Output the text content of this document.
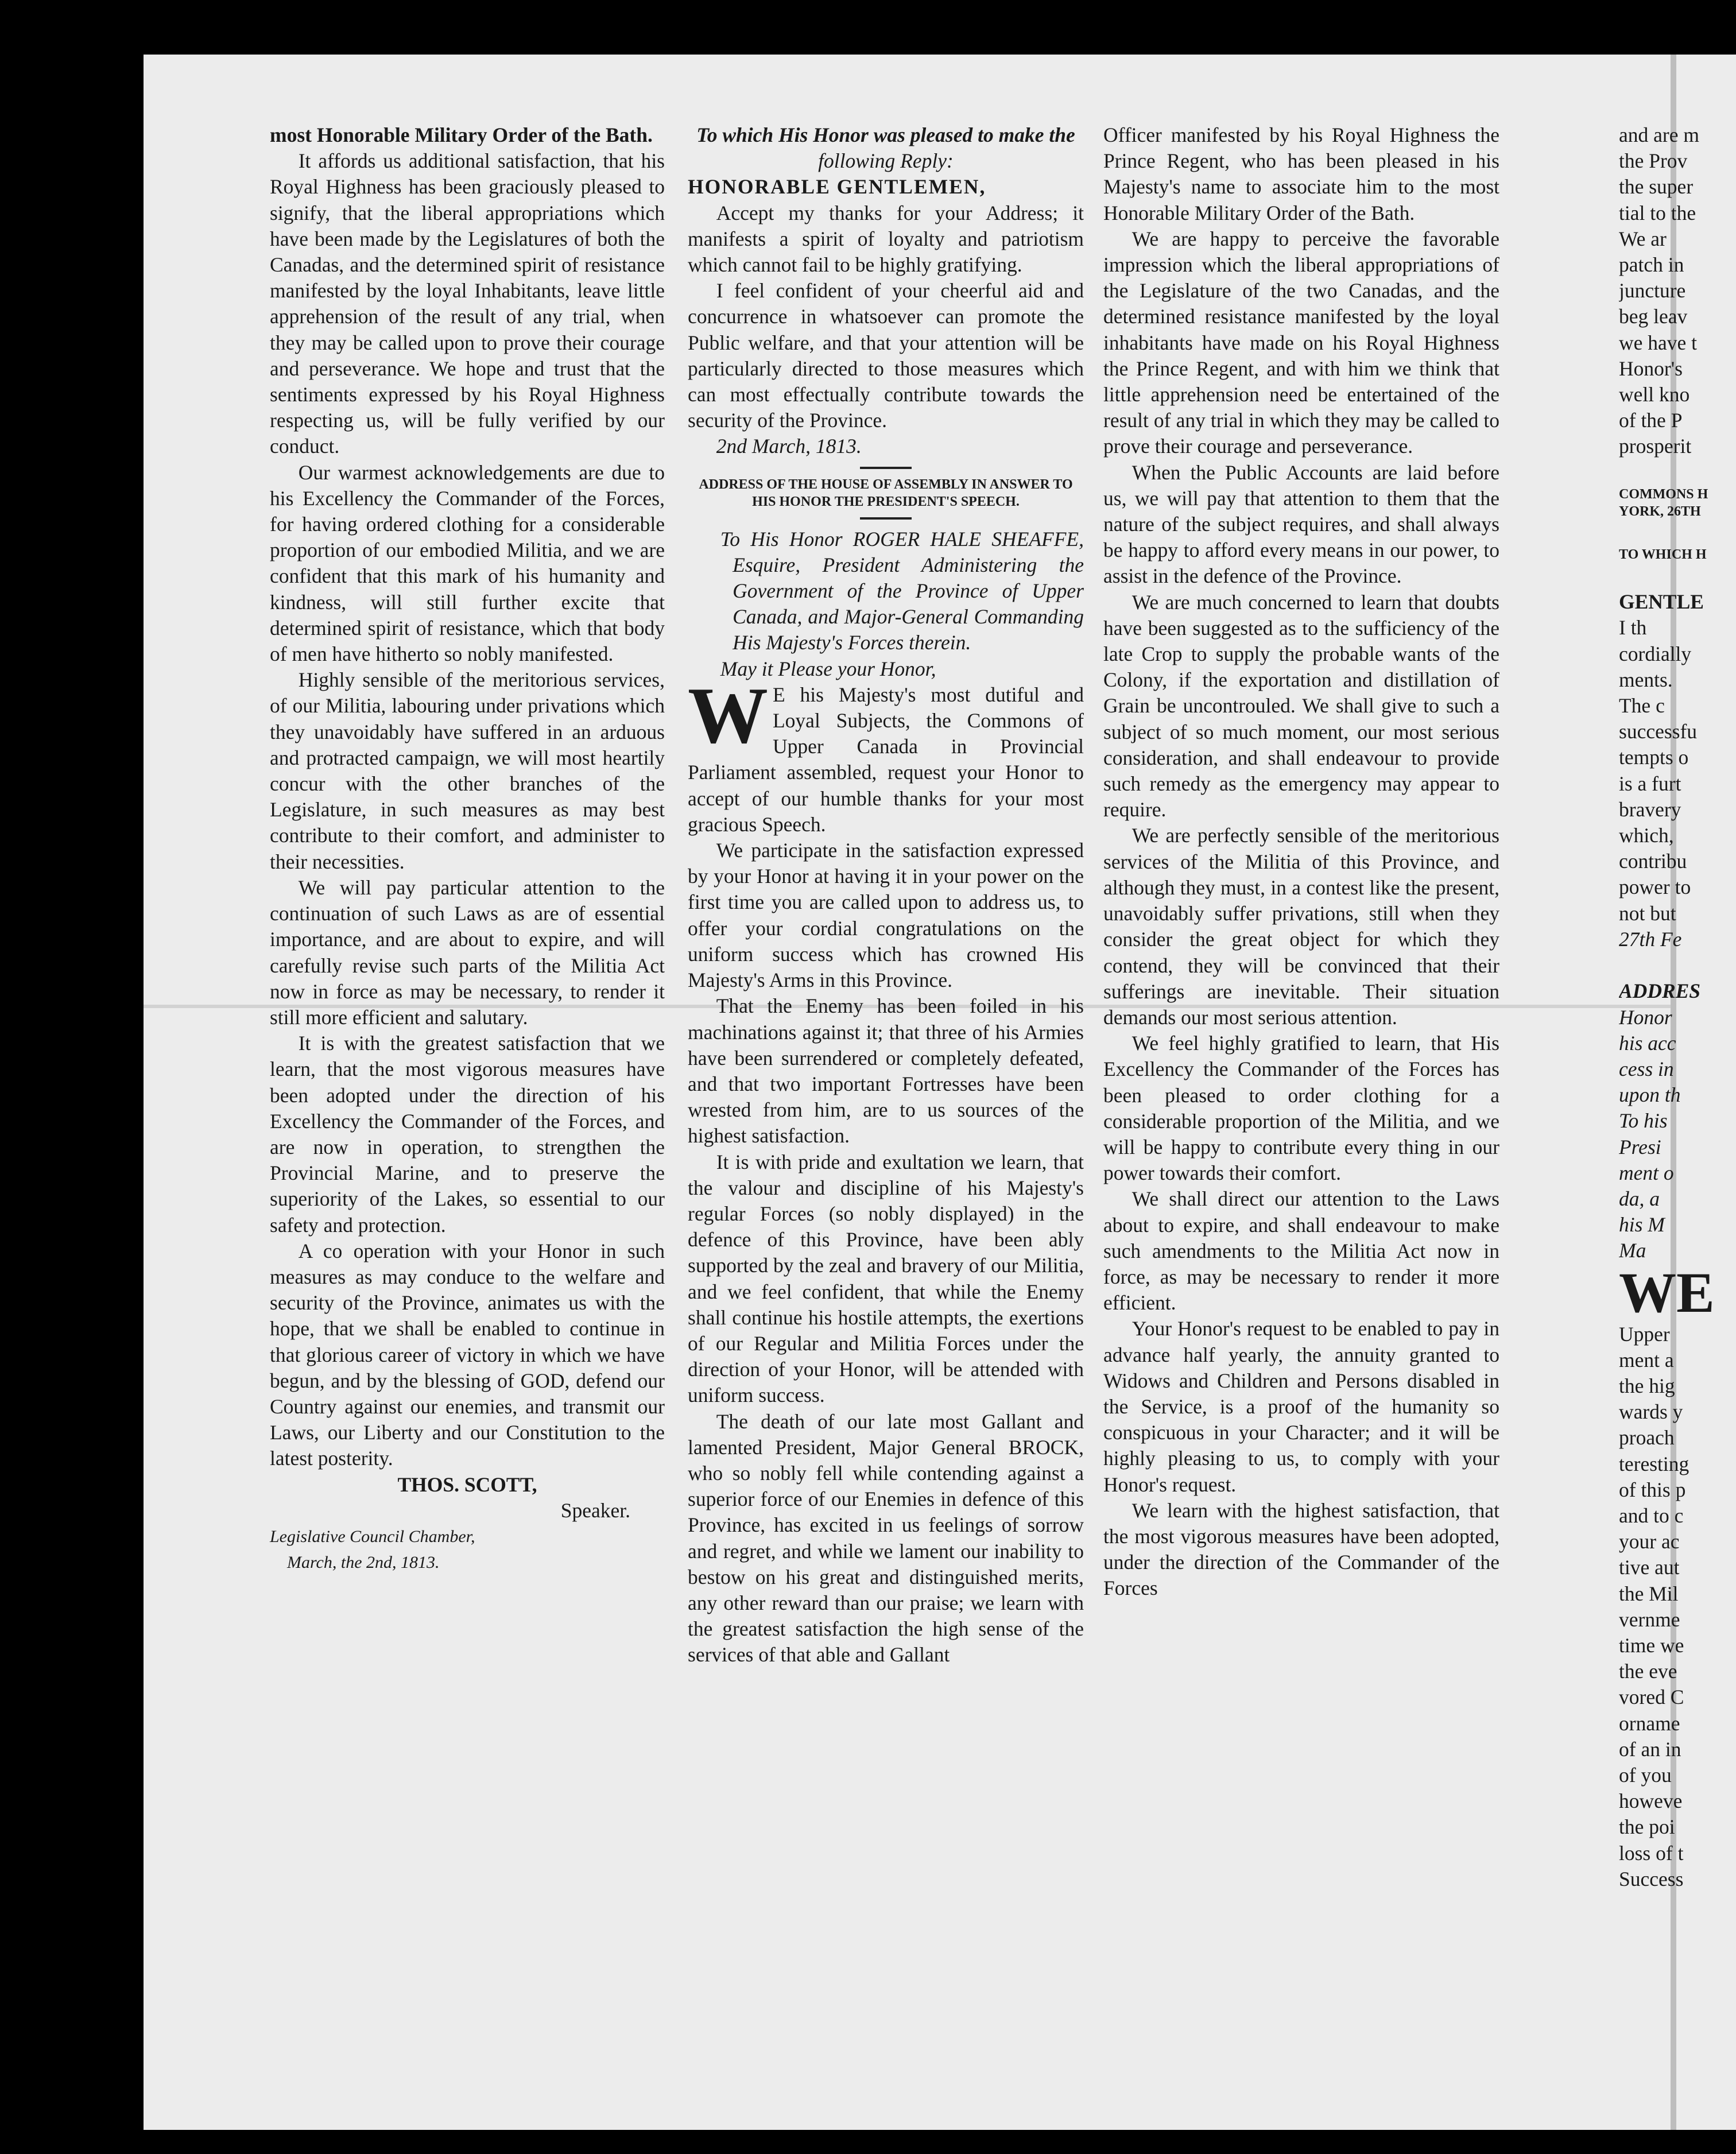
most Honorable Military Order of the Bath.

It affords us additional satisfaction, that his Royal Highness has been graciously pleased to signify, that the liberal appropriations which have been made by the Legislatures of both the Canadas, and the determined spirit of resistance manifested by the loyal Inhabitants, leave little apprehension of the result of any trial, when they may be called upon to prove their courage and perseverance. We hope and trust that the sentiments expressed by his Royal Highness respecting us, will be fully verified by our conduct.

Our warmest acknowledgements are due to his Excellency the Commander of the Forces, for having ordered clothing for a considerable proportion of our embodied Militia, and we are confident that this mark of his humanity and kindness, will still further excite that determined spirit of resistance, which that body of men have hitherto so nobly manifested.

Highly sensible of the meritorious services, of our Militia, labouring under privations which they unavoidably have suffered in an arduous and protracted campaign, we will most heartily concur with the other branches of the Legislature, in such measures as may best contribute to their comfort, and administer to their necessities.

We will pay particular attention to the continuation of such Laws as are of essential importance, and are about to expire, and will carefully revise such parts of the Militia Act now in force as may be necessary, to render it still more efficient and salutary.

It is with the greatest satisfaction that we learn, that the most vigorous measures have been adopted under the direction of his Excellency the Commander of the Forces, and are now in operation, to strengthen the Provincial Marine, and to preserve the superiority of the Lakes, so essential to our safety and protection.

A co operation with your Honor in such measures as may conduce to the welfare and security of the Province, animates us with the hope, that we shall be enabled to continue in that glorious career of victory in which we have begun, and by the blessing of GOD, defend our Country against our enemies, and transmit our Laws, our Liberty and our Constitution to the latest posterity.

THOS. SCOTT,

Speaker.

Legislative Council Chamber,

March, the 2nd, 1813.

To which His Honor was pleased to make the

following Reply:

HONORABLE GENTLEMEN,

Accept my thanks for your Address; it manifests a spirit of loyalty and patriotism which cannot fail to be highly gratifying.

I feel confident of your cheerful aid and concurrence in whatsoever can promote the Public welfare, and that your attention will be particularly directed to those measures which can most effectually contribute towards the security of the Province.

2nd March, 1813.

ADDRESS OF THE HOUSE OF ASSEMBLY IN ANSWER TO HIS HONOR THE PRESIDENT'S SPEECH.

To His Honor ROGER HALE SHEAFFE, Esquire, President Administering the Government of the Province of Upper Canada, and Major-General Commanding His Majesty's Forces therein.

May it Please your Honor,

W E his Majesty's most dutiful and Loyal Subjects, the Commons of Upper Canada in Provincial Parliament assembled, request your Honor to accept of our humble thanks for your most gracious Speech.

We participate in the satisfaction expressed by your Honor at having it in your power on the first time you are called upon to address us, to offer your cordial congratulations on the uniform success which has crowned His Majesty's Arms in this Province.

That the Enemy has been foiled in his machinations against it; that three of his Armies have been surrendered or completely defeated, and that two important Fortresses have been wrested from him, are to us sources of the highest satisfaction.

It is with pride and exultation we learn, that the valour and discipline of his Majesty's regular Forces (so nobly displayed) in the defence of this Province, have been ably supported by the zeal and bravery of our Militia, and we feel confident, that while the Enemy shall continue his hostile attempts, the exertions of our Regular and Militia Forces under the direction of your Honor, will be attended with uniform success.

The death of our late most Gallant and lamented President, Major General BROCK, who so nobly fell while contending against a superior force of our Enemies in defence of this Province, has excited in us feelings of sorrow and regret, and while we lament our inability to bestow on his great and distinguished merits, any other reward than our praise; we learn with the greatest satisfaction the high sense of the services of that able and Gallant

Officer manifested by his Royal Highness the Prince Regent, who has been pleased in his Majesty's name to associate him to the most Honorable Military Order of the Bath.

We are happy to perceive the favorable impression which the liberal appropriations of the Legislature of the two Canadas, and the determined resistance manifested by the loyal inhabitants have made on his Royal Highness the Prince Regent, and with him we think that little apprehension need be entertained of the result of any trial in which they may be called to prove their courage and perseverance.

When the Public Accounts are laid before us, we will pay that attention to them that the nature of the subject requires, and shall always be happy to afford every means in our power, to assist in the defence of the Province.

We are much concerned to learn that doubts have been suggested as to the sufficiency of the late Crop to supply the probable wants of the Colony, if the exportation and distillation of Grain be uncontrouled. We shall give to such a subject of so much moment, our most serious consideration, and shall endeavour to provide such remedy as the emergency may appear to require.

We are perfectly sensible of the meritorious services of the Militia of this Province, and although they must, in a contest like the present, unavoidably suffer privations, still when they consider the great object for which they contend, they will be convinced that their sufferings are inevitable. Their situation demands our most serious attention.

We feel highly gratified to learn, that His Excellency the Commander of the Forces has been pleased to order clothing for a considerable proportion of the Militia, and we will be happy to contribute every thing in our power towards their comfort.

We shall direct our attention to the Laws about to expire, and shall endeavour to make such amendments to the Militia Act now in force, as may be necessary to render it more efficient.

Your Honor's request to be enabled to pay in advance half yearly, the annuity granted to Widows and Children and Persons disabled in the Service, is a proof of the humanity so conspicuous in your Character; and it will be highly pleasing to us, to comply with your Honor's request.

We learn with the highest satisfaction, that the most vigorous measures have been adopted, under the direction of the Commander of the Forces

and are m

the Prov

the super

tial to the

We ar

patch in

juncture

beg leav

we have t

Honor's

well kno

of the P

prosperit

COMMONS H

YORK, 26TH

TO WHICH H

GENTLE

I th

cordially

ments.

The c

successfu

tempts o

is a furt

bravery

which,

contribu

power to

not but

27th Fe

ADDRES

Honor

his acc

cess in

upon th

To his

Presi

ment o

da, a

his M

Ma

WE

Upper

ment a

the hig

wards y

proach

teresting

of this p

and to c

your ac

tive aut

the Mil

vernme

time we

the eve

vored C

orname

of an in

of you

howeve

the poi

loss of t

Success
